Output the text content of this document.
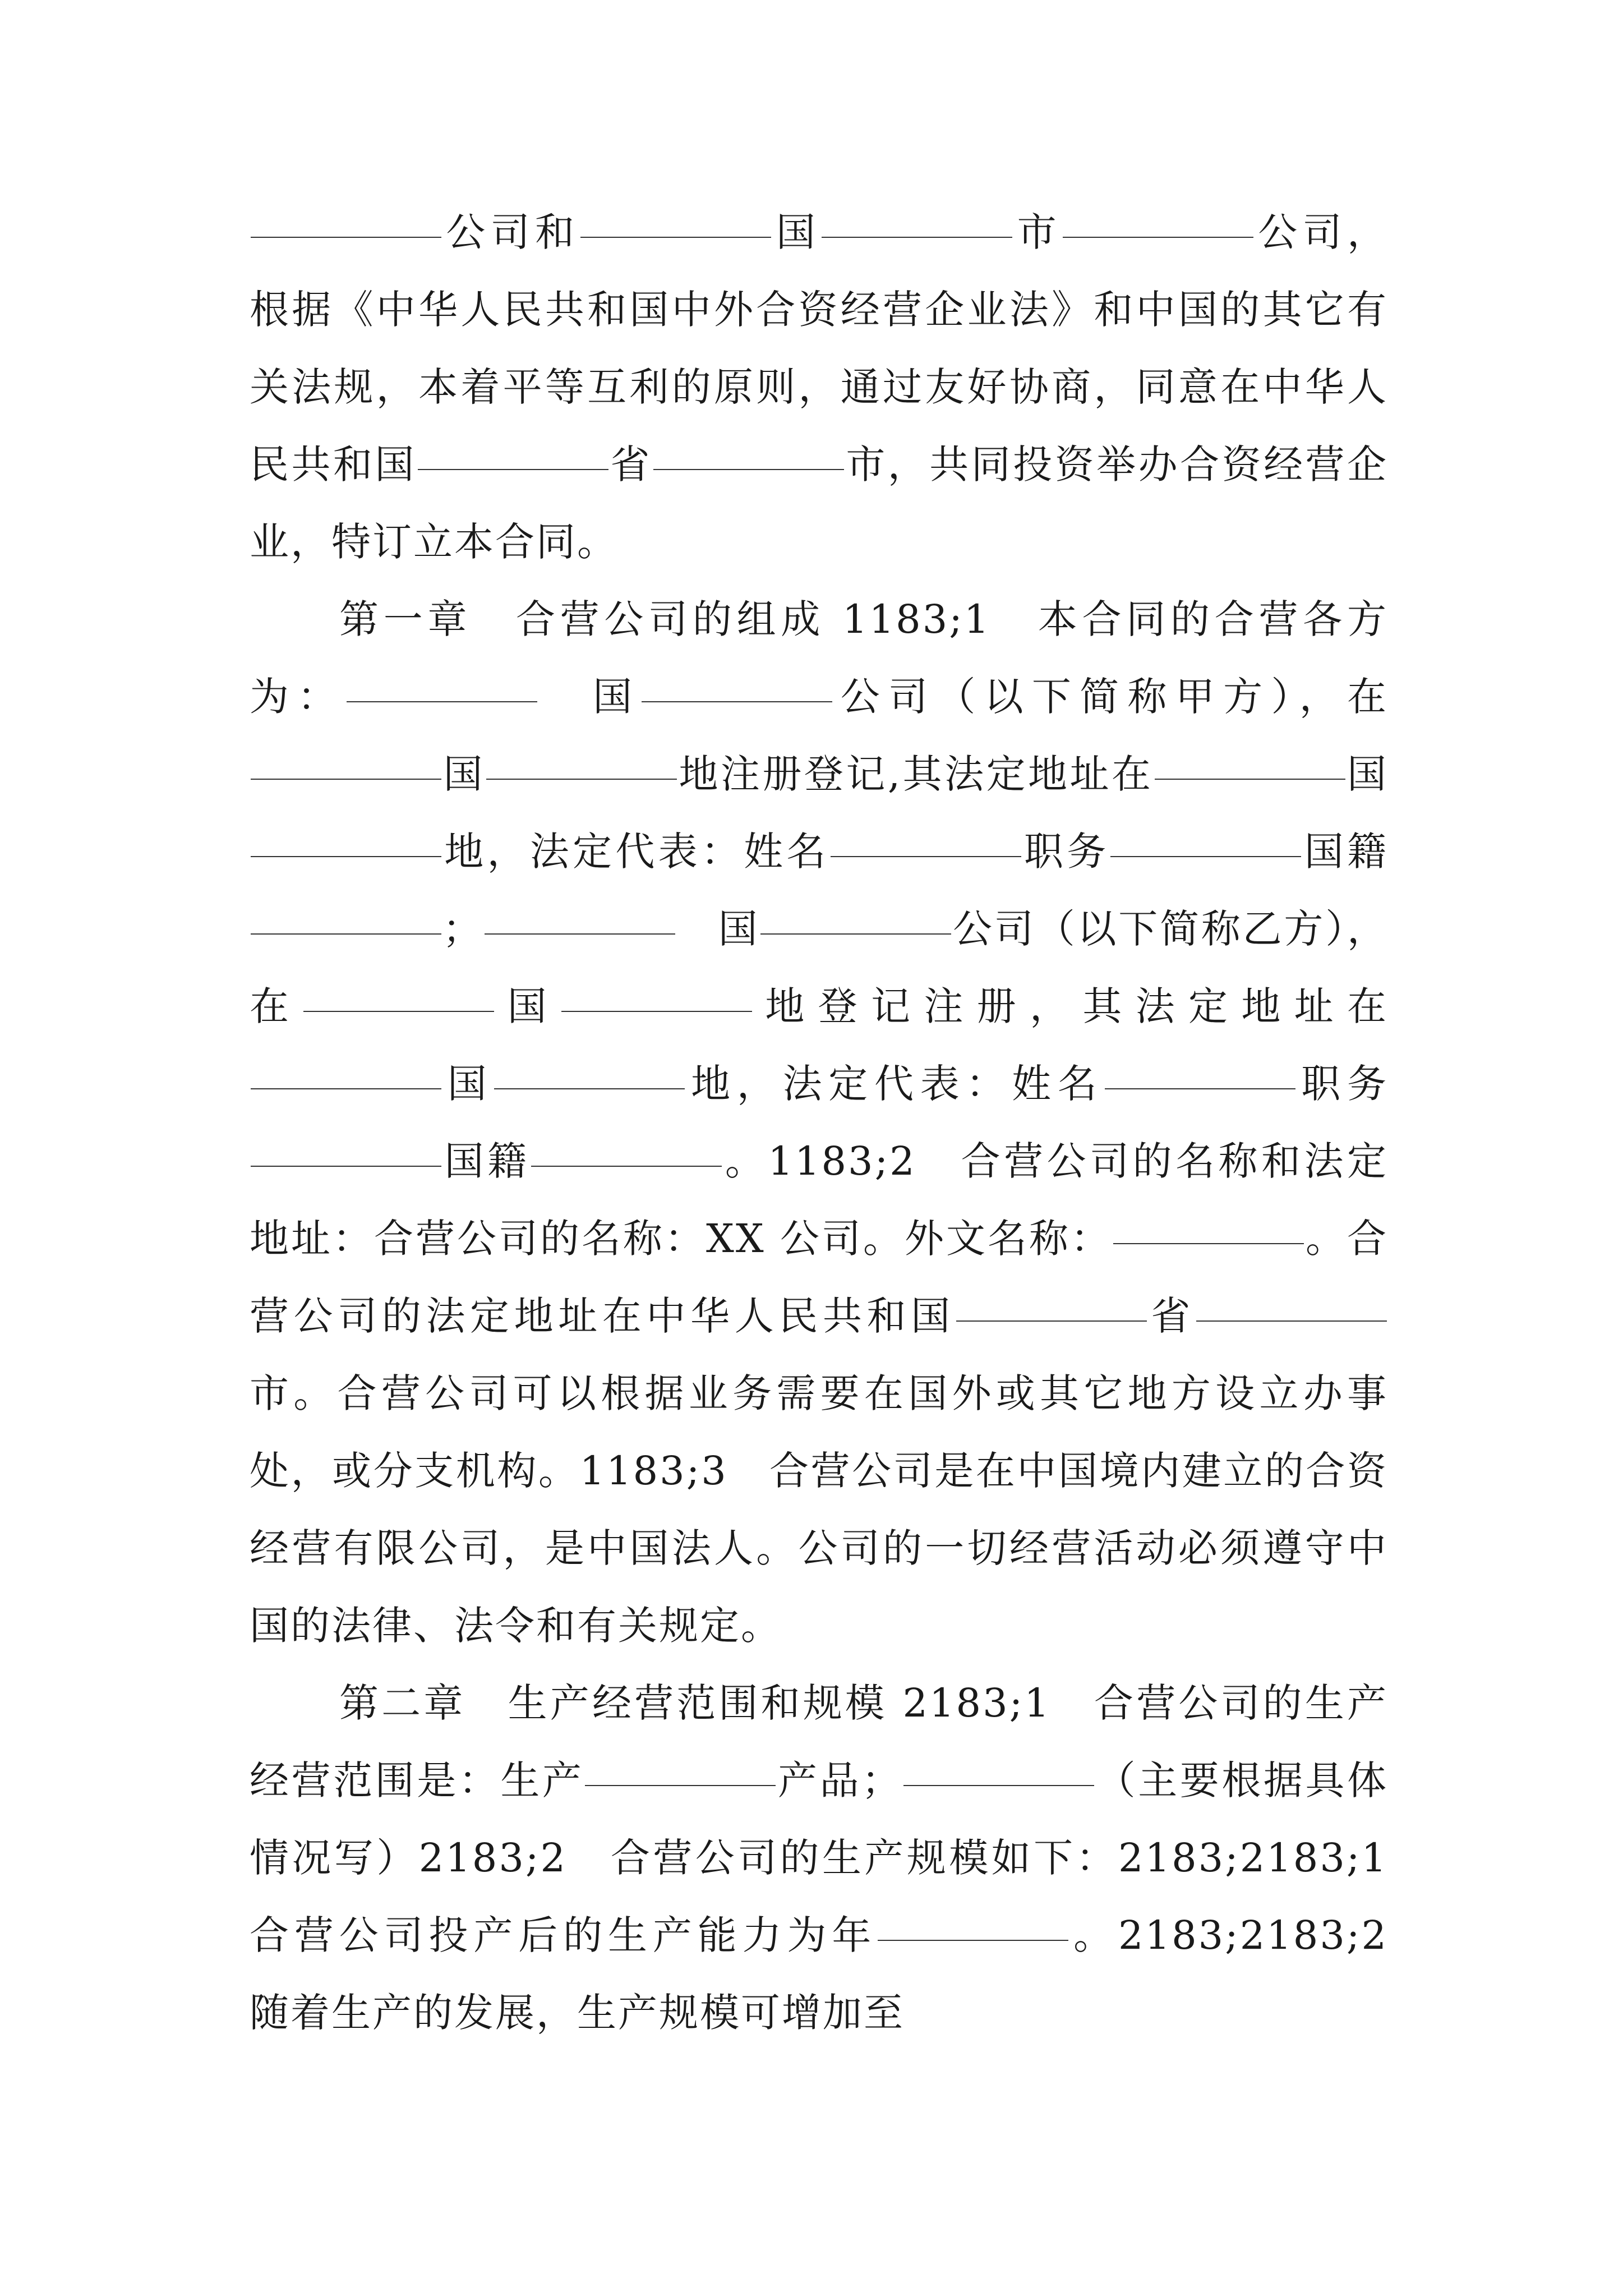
公司和	国	市	公司，根据《中华人民共和国中外合资经营企业法》和中国的其它有关法规，本着平等互利的原则，通过友好协商，同意在中华人民共和国	省	市，共同投资举办合资经营企业，特订立本合同。

第一章　合营公司的组成 1183;1　本合同的合营各方为：	　国	公司（以下简称甲方），在国	地注册登记,其法定地址在	国地，法定代表：姓名	职务	国籍；	　国	公司（以下简称乙方），在	国	地登记注册，其法定地址在国	地，法定代表：姓名	职务国籍	。1183;2　合营公司的名称和法定地址：合营公司的名称：XX 公司。外文名称：	。合营公司的法定地址在中华人民共和国	省市。合营公司可以根据业务需要在国外或其它地方设立办事处，或分支机构。1183;3　合营公司是在中国境内建立的合资经营有限公司，是中国法人。公司的一切经营活动必须遵守中国的法律、法令和有关规定。

第二章　生产经营范围和规模 2183;1　合营公司的生产经营范围是：生产	产品；	（主要根据具体情况写）2183;2　合营公司的生产规模如下：2183;2183;1　合营公司投产后的生产能力为年	。2183;2183;2　随着生产的发展，生产规模可增加至
